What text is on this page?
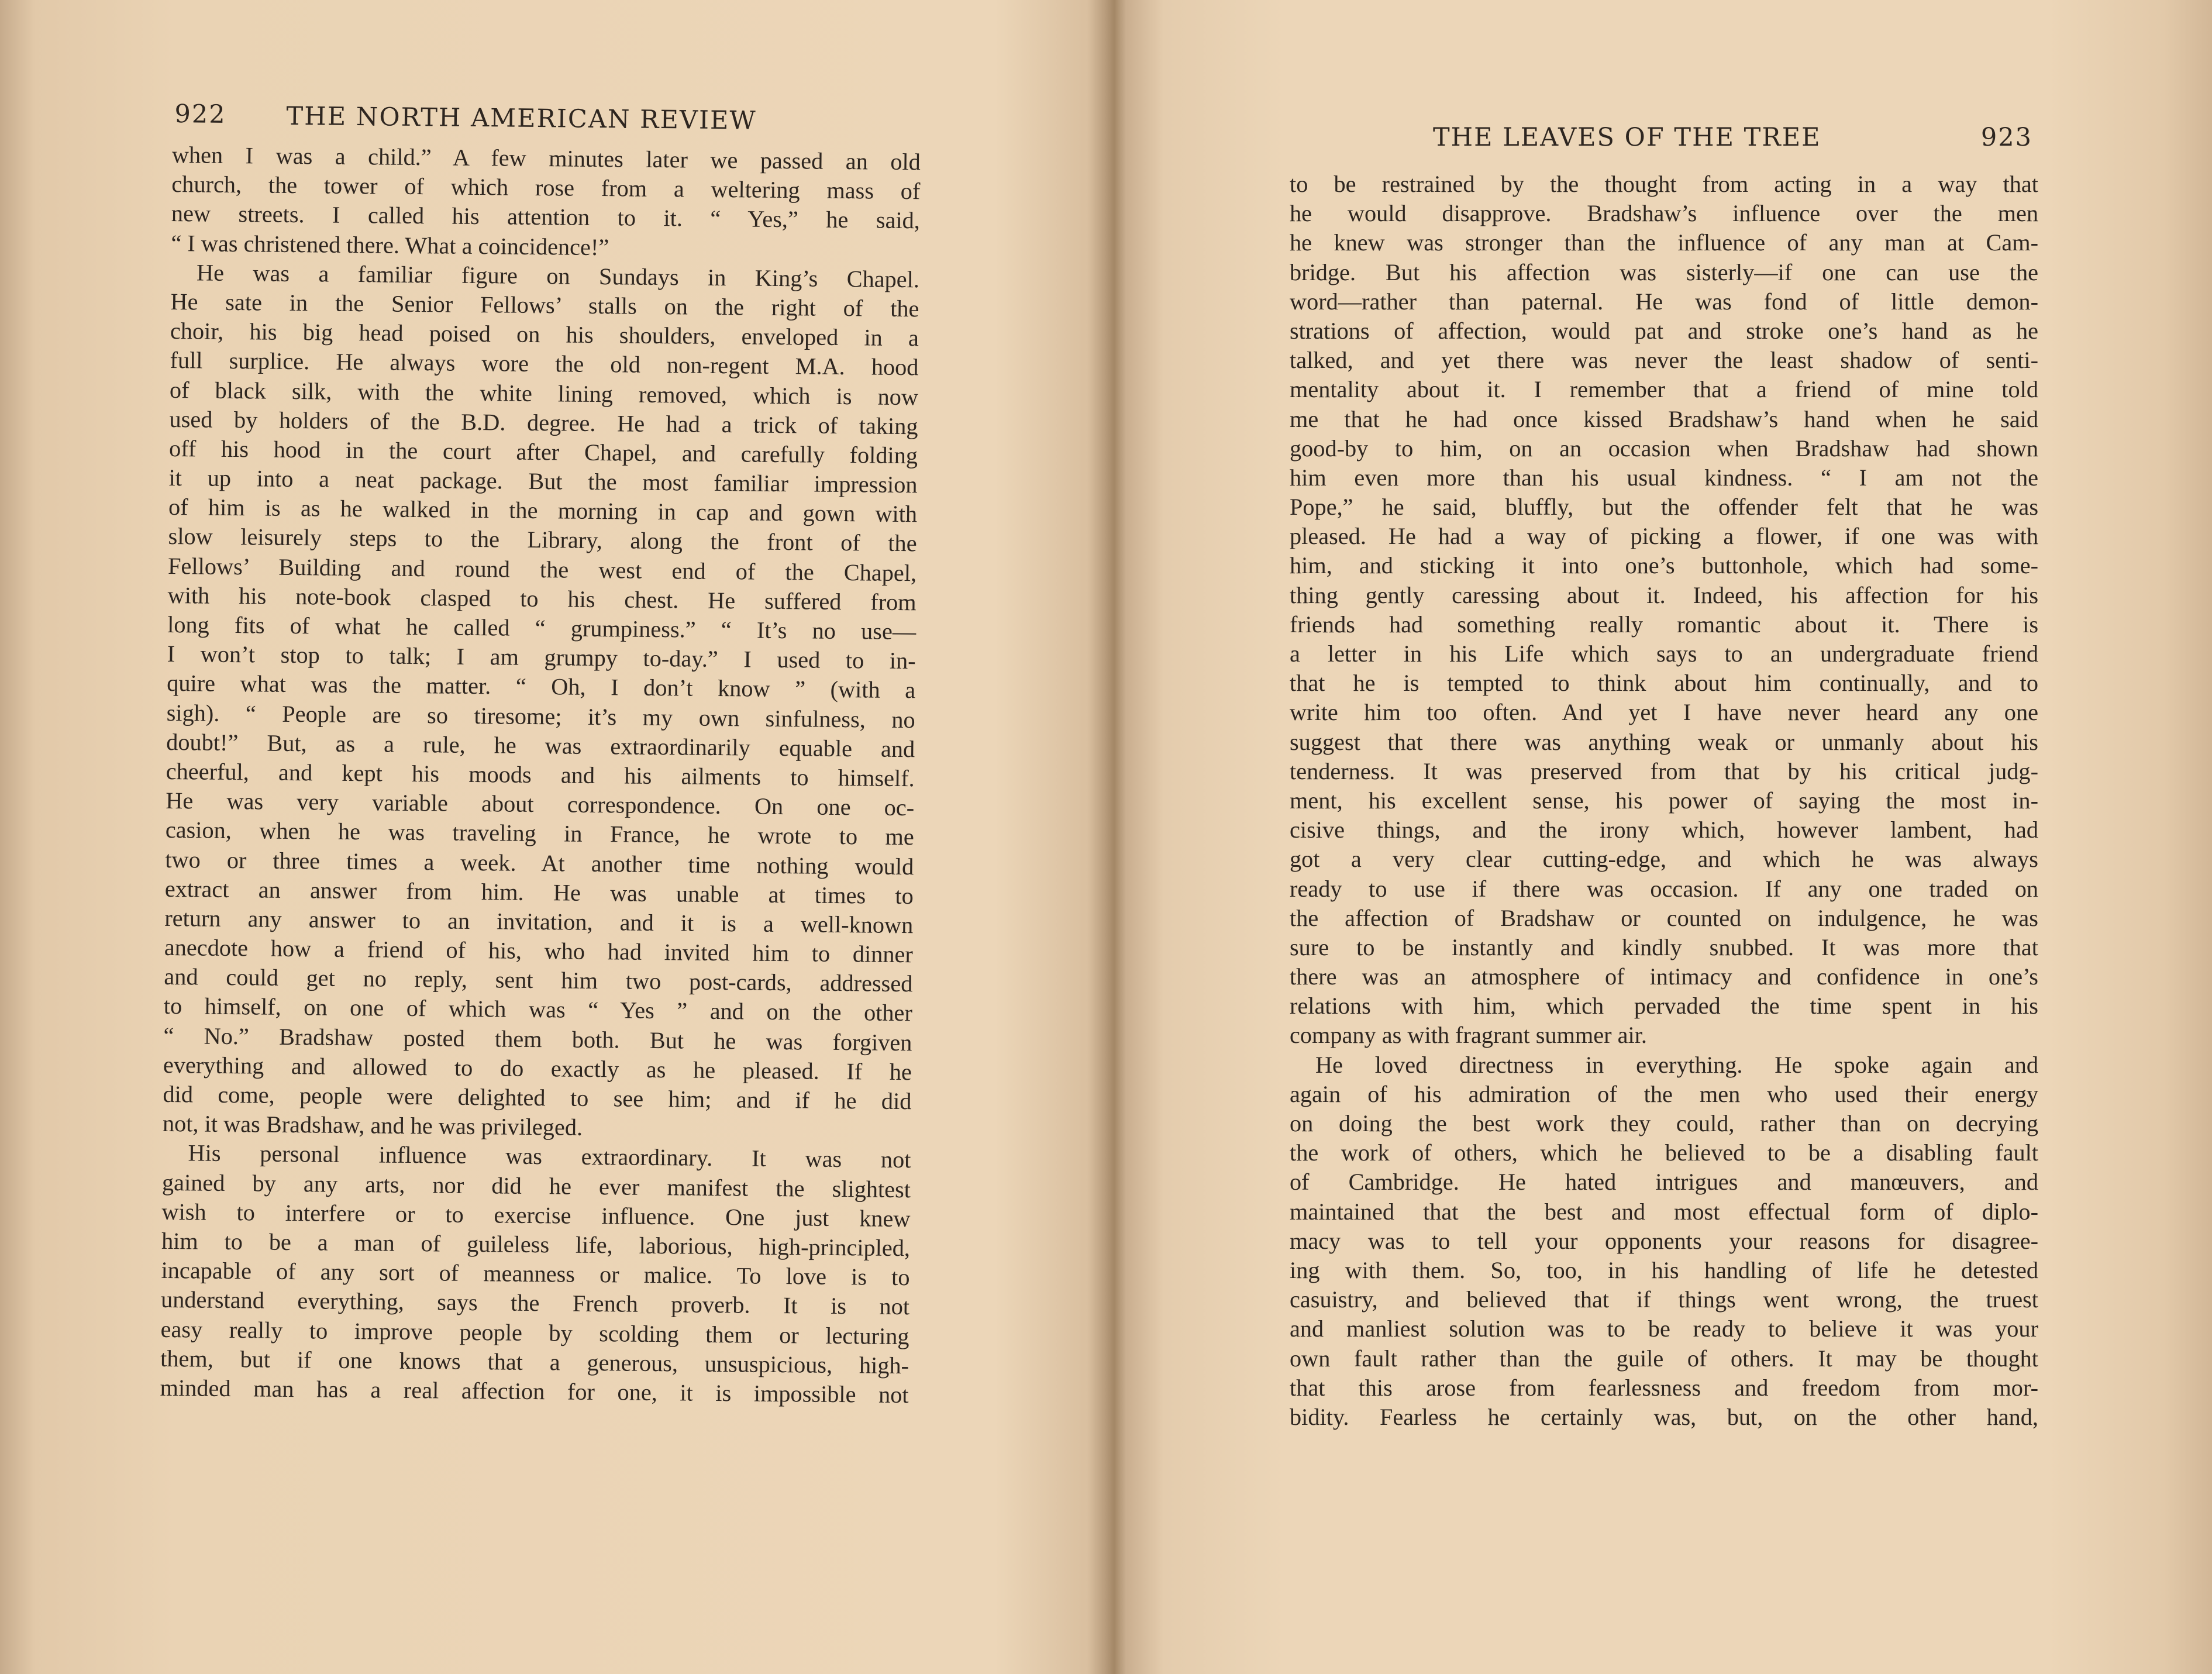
922 THE NORTH AMERICAN REVIEW
when I was a child.” A few minutes later we passed an old
church, the tower of which rose from a weltering mass of
new streets. I called his attention to it. “ Yes,” he said,
“ I was christened there. What a coincidence!”
He was a familiar figure on Sundays in King’s Chapel.
He sate in the Senior Fellows’ stalls on the right of the
choir, his big head poised on his shoulders, enveloped in a
full surplice. He always wore the old non-regent M.A. hood
of black silk, with the white lining removed, which is now
used by holders of the B.D. degree. He had a trick of taking
off his hood in the court after Chapel, and carefully folding
it up into a neat package. But the most familiar impression
of him is as he walked in the morning in cap and gown with
slow leisurely steps to the Library, along the front of the
Fellows’ Building and round the west end of the Chapel,
with his note-book clasped to his chest. He suffered from
long fits of what he called “ grumpiness.” “ It’s no use—
I won’t stop to talk; I am grumpy to-day.” I used to in-
quire what was the matter. “ Oh, I don’t know ” (with a
sigh). “ People are so tiresome; it’s my own sinfulness, no
doubt!” But, as a rule, he was extraordinarily equable and
cheerful, and kept his moods and his ailments to himself.
He was very variable about correspondence. On one oc-
casion, when he was traveling in France, he wrote to me
two or three times a week. At another time nothing would
extract an answer from him. He was unable at times to
return any answer to an invitation, and it is a well-known
anecdote how a friend of his, who had invited him to dinner
and could get no reply, sent him two post-cards, addressed
to himself, on one of which was “ Yes ” and on the other
“ No.” Bradshaw posted them both. But he was forgiven
everything and allowed to do exactly as he pleased. If he
did come, people were delighted to see him; and if he did
not, it was Bradshaw, and he was privileged.
His personal influence was extraordinary. It was not
gained by any arts, nor did he ever manifest the slightest
wish to interfere or to exercise influence. One just knew
him to be a man of guileless life, laborious, high-principled,
incapable of any sort of meanness or malice. To love is to
understand everything, says the French proverb. It is not
easy really to improve people by scolding them or lecturing
them, but if one knows that a generous, unsuspicious, high-
minded man has a real affection for one, it is impossible not
THE LEAVES OF THE TREE	923
to be restrained by the thought from acting in a way that
he would disapprove. Bradshaw’s influence over the men
he knew was stronger than the influence of any man at Cam-
bridge. But his affection was sisterly—if one can use the
word—rather than paternal. He was fond of little demon-
strations of affection, would pat and stroke one’s hand as he
talked, and yet there was never the least shadow of senti-
mentality about it. I remember that a friend of mine told
me that he had once kissed Bradshaw’s hand when he said
good-by to him, on an occasion when Bradshaw had shown
him even more than his usual kindness. “ I am not the
Pope,” he said, bluffly, but the offender felt that he was
pleased. He had a way of picking a flower, if one was with
him, and sticking it into one’s buttonhole, which had some-
thing gently caressing about it. Indeed, his affection for his
friends had something really romantic about it. There is
a letter in his Life which says to an undergraduate friend
that he is tempted to think about him continually, and to
write him too often. And yet I have never heard any one
suggest that there was anything weak or unmanly about his
tenderness. It was preserved from that by his critical judg-
ment, his excellent sense, his power of saying the most in-
cisive things, and the irony which, however lambent, had
got a very clear cutting-edge, and which he was always
ready to use if there was occasion. If any one traded on
the affection of Bradshaw or counted on indulgence, he was
sure to be instantly and kindly snubbed. It was more that
there was an atmosphere of intimacy and confidence in one’s
relations with him, which pervaded the time spent in his
company as with fragrant summer air.
He loved directness in everything. He spoke again and
again of his admiration of the men who used their energy
on doing the best work they could, rather than on decrying
the work of others, which he believed to be a disabling fault
of Cambridge. He hated intrigues and manœuvers, and
maintained that the best and most effectual form of diplo-
macy was to tell your opponents your reasons for disagree-
ing with them. So, too, in his handling of life he detested
casuistry, and believed that if things went wrong, the truest
and manliest solution was to be ready to believe it was your
own fault rather than the guile of others. It may be thought
that this arose from fearlessness and freedom from mor-
bidity. Fearless he certainly was, but, on the other hand,
